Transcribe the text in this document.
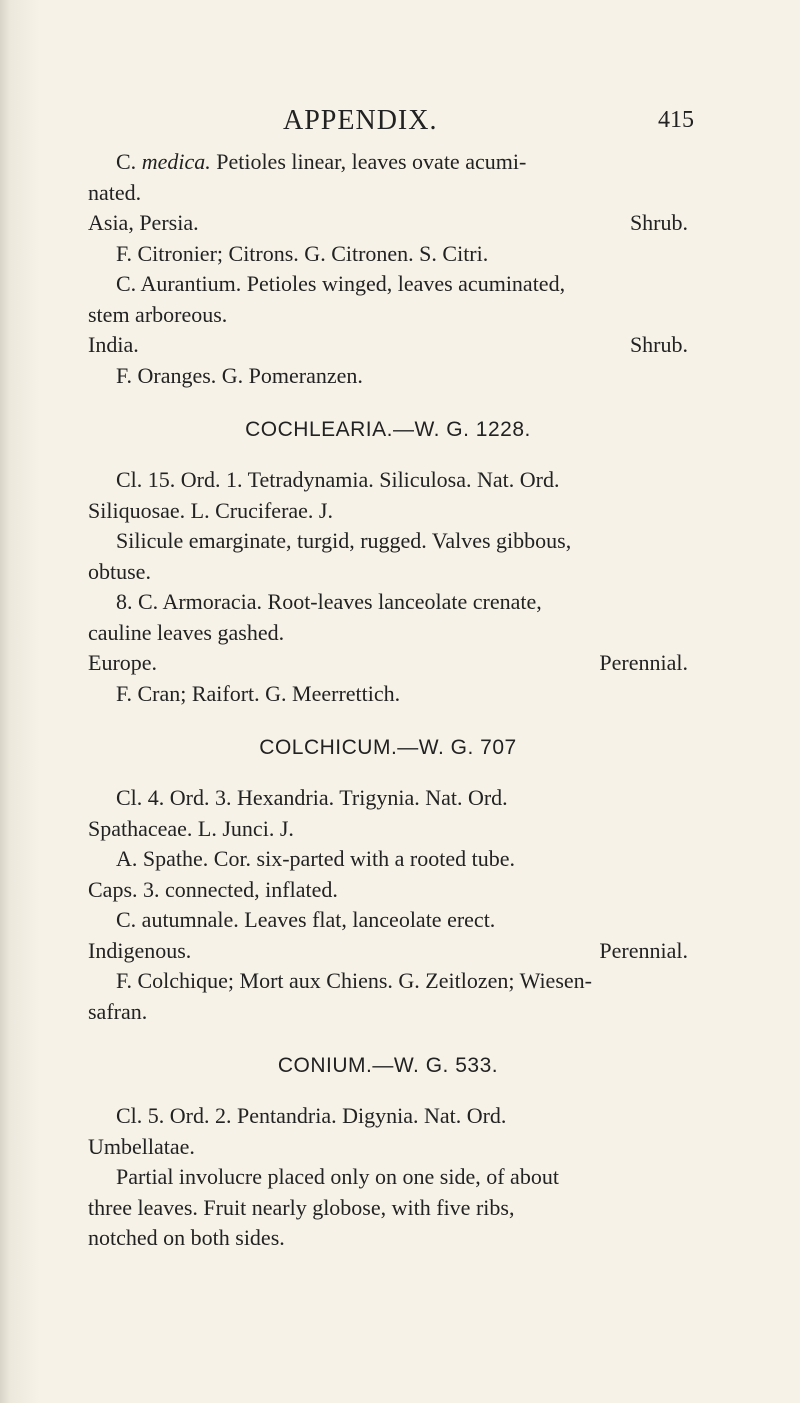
APPENDIX.	415
C. medica. Petioles linear, leaves ovate acumi-
nated.
Asia, Persia.	Shrub.
F. Citronier; Citrons. G. Citronen. S. Citri.
C. Aurantium. Petioles winged, leaves acuminated,
stem arboreous.
India.	Shrub.
F. Oranges. G. Pomeranzen.
COCHLEARIA.—W. G. 1228.
Cl. 15. Ord. 1. Tetradynamia. Siliculosa. Nat. Ord.
Siliquosae. L. Cruciferae. J.
Silicule emarginate, turgid, rugged. Valves gibbous,
obtuse.
8. C. Armoracia. Root-leaves lanceolate crenate,
cauline leaves gashed.
Europe.	Perennial.
F. Cran; Raifort. G. Meerrettich.
COLCHICUM.—W. G. 707
Cl. 4. Ord. 3. Hexandria. Trigynia. Nat. Ord.
Spathaceae. L. Junci. J.
A. Spathe. Cor. six-parted with a rooted tube.
Caps. 3. connected, inflated.
C. autumnale. Leaves flat, lanceolate erect.
Indigenous.	Perennial.
F. Colchique; Mort aux Chiens. G. Zeitlozen; Wiesen-
safran.
CONIUM.—W. G. 533.
Cl. 5. Ord. 2. Pentandria. Digynia. Nat. Ord.
Umbellatae.
Partial involucre placed only on one side, of about
three leaves. Fruit nearly globose, with five ribs,
notched on both sides.
